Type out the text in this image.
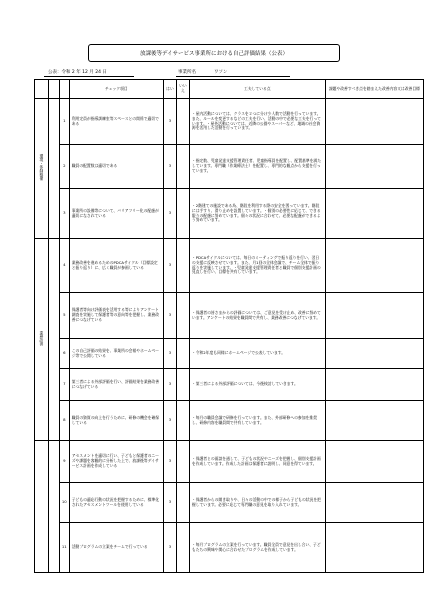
放課後等デイサービス事業所における自己評価結果（公表）
公表：令和 2 年 12 月 24 日	事業所名	ワソン
			チェック項目	はい	いいえ	工夫している点	課題や改善すべき点を踏まえた改善内容又は改善目標
環境・体制整備		1	利用定員が指導訓練室等スペースとの関係で適切である	3		・屋内活動については、クラスを２つに分け少人数で活動を行っています。また、ルールを変更するなどの工夫を行い、活動の中で必要な工夫を行っています。・屋外活動については、近隣の公園やスーパーなど、地域の社会資源を活用した活動を行っています。	
		2	職員の配置数は適切である	3		・指定数、児童発達支援管理責任者、児童指導員を配置し、配置基準を満たしています。専門職（作業療法士）を配置し、専門的な観点から支援を行っています。	
		3	事業所の設備等について、バリアフリー化の配慮が適切になされている	3		・2階建ての施設である為、階段を利用する際の安全を図っています。階段には手すり、滑り止めを設置しています。・個別の必要性に応じて、できる限りの配慮に努めています。個々の状況に合わせて、必要な配慮ができるよう努めています。	
業務改善		4	業務改善を進めるためのPDCAサイクル（目標設定と振り返り）に、広く職員が参画している	3		・PDCAサイクルについては、毎日のミーティングで振り返りを行い、翌日の支援に反映させています。また、月1回の全体会議で、チーム全体で振り返りを実施しています。・児童発達支援管理責任者と職員で個別支援計画の見直しを行い、目標を共有しています。	
		5	保護者等向け評価表を活用する等によりアンケート調査を実施して保護者等の意向等を把握し、業務改善につなげている	3		・保護者の皆さまからの評価については、ご意見を受け止め、改善に努めています。アンケートの結果を職員間で共有し、業務改善につなげています。	
		6	この自己評価の結果を、事業所の会報やホームページ等で公開している	3		・令和2年度も同様にホームページで公表しています。	
		7	第三者による外部評価を行い、評価結果を業務改善につなげている	3		・第三者による外部評価については、今後検討していきます。	
		8	職員の資質の向上を行うために、研修の機会を確保している	3		・毎月の職員会議で研修を行っています。また、外部研修への参加を推奨し、研修内容を職員間で共有しています。	
		9	アセスメントを適切に行い、子どもと保護者のニーズや課題を客観的に分析した上で、放課後等デイサービス計画を作成している	3		・保護者との面談を通して、子どもの状況やニーズを把握し、個別支援計画を作成しています。作成した計画は保護者に説明し、同意を得ています。	
		10	子どもの適応行動の状況を把握するために、標準化されたアセスメントツールを使用している	3		・保護者からの聞き取りや、日々の活動の中での様子から子どもの状況を把握しています。必要に応じて専門職の意見を取り入れています。	
		11	活動プログラムの立案をチームで行っている	3		・毎月プログラムの立案を行っています。職員全員で意見を出し合い、子どもたちの興味や関心に合わせたプログラムを作成しています。	
